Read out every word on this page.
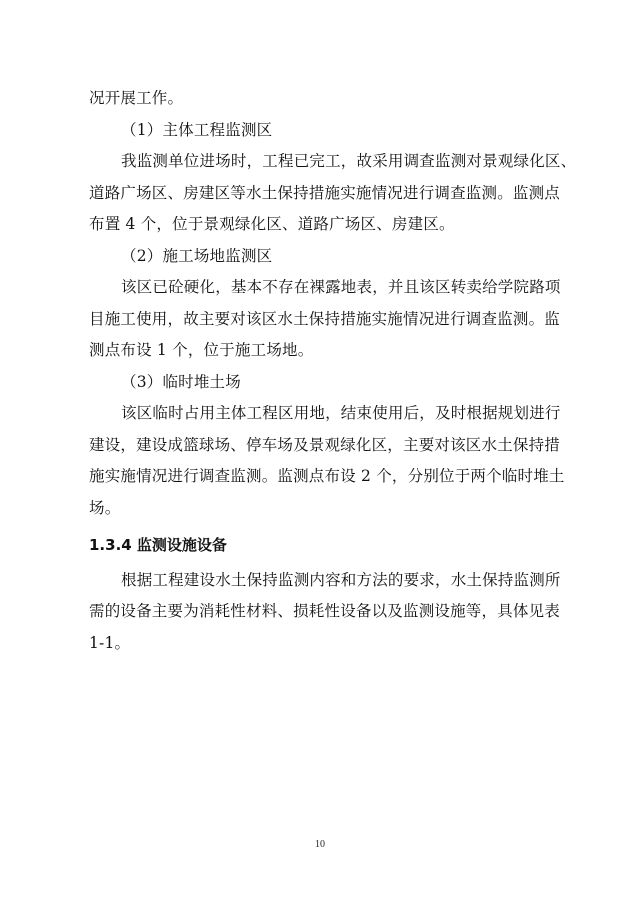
况开展工作。
（1）主体工程监测区
我监测单位进场时，工程已完工，故采用调查监测对景观绿化区、
道路广场区、房建区等水土保持措施实施情况进行调查监测。监测点
布置 4 个，位于景观绿化区、道路广场区、房建区。
（2）施工场地监测区
该区已砼硬化，基本不存在裸露地表，并且该区转卖给学院路项
目施工使用，故主要对该区水土保持措施实施情况进行调查监测。监
测点布设 1 个，位于施工场地。
（3）临时堆土场
该区临时占用主体工程区用地，结束使用后，及时根据规划进行
建设，建设成篮球场、停车场及景观绿化区，主要对该区水土保持措
施实施情况进行调查监测。监测点布设 2 个，分别位于两个临时堆土
场。
1.3.4 监测设施设备
根据工程建设水土保持监测内容和方法的要求，水土保持监测所
需的设备主要为消耗性材料、损耗性设备以及监测设施等，具体见表
1-1。
10
